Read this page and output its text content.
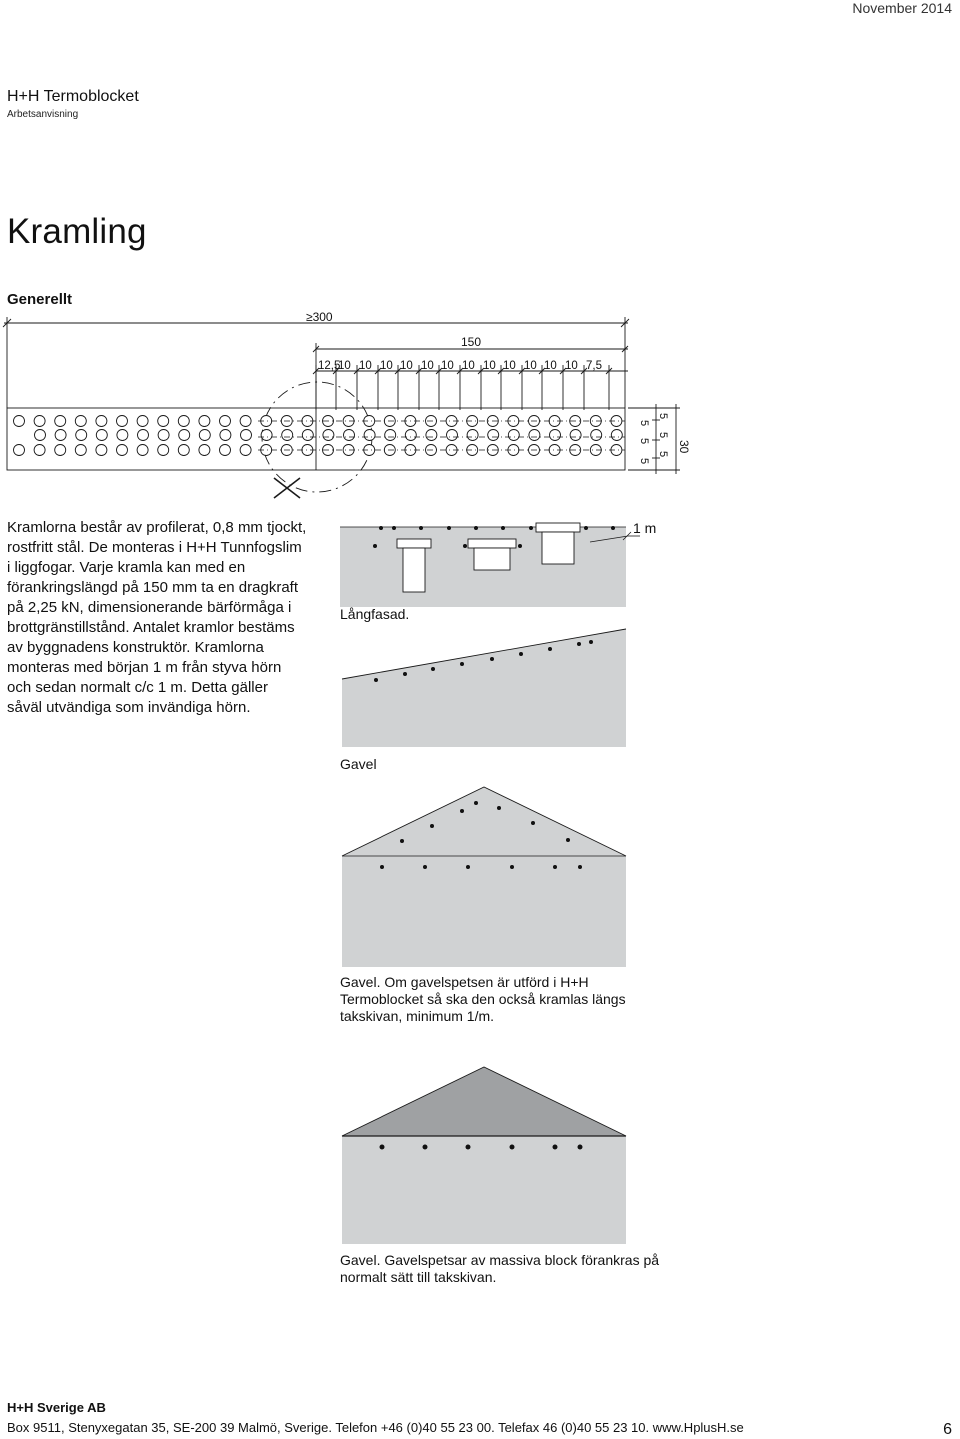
November 2014
H+H Termoblocket
Arbetsanvisning
Kramling
Generellt
≥300
150
12,5
10 10 10 10 10 10 10 10 10 10 10 10 7,5
5
5
5
5
5
5
30
Kramlorna består av profilerat, 0,8 mm tjockt, rostfritt stål. De monteras i H+H Tunnfogslim i liggfogar. Varje kramla kan med en förankringslängd på 150 mm ta en dragkraft på 2,25 kN, dimensionerande bärförmåga i brottgränstillstånd. Antalet kramlor bestäms av byggnadens konstruktör. Kramlorna monteras med början 1 m från styva hörn och sedan normalt c/c 1 m. Detta gäller såväl utvändiga som invändiga hörn.
1 m
Långfasad.
Gavel
Gavel. Om gavelspetsen är utförd i H+H Termoblocket så ska den också kramlas längs takskivan, minimum 1/m.
Gavel. Gavelspetsar av massiva block förankras på normalt sätt till takskivan.
H+H Sverige AB
Box 9511, Stenyxegatan 35, SE-200 39 Malmö, Sverige. Telefon +46 (0)40 55 23 00. Telefax 46 (0)40 55 23 10. www.HplusH.se	6
